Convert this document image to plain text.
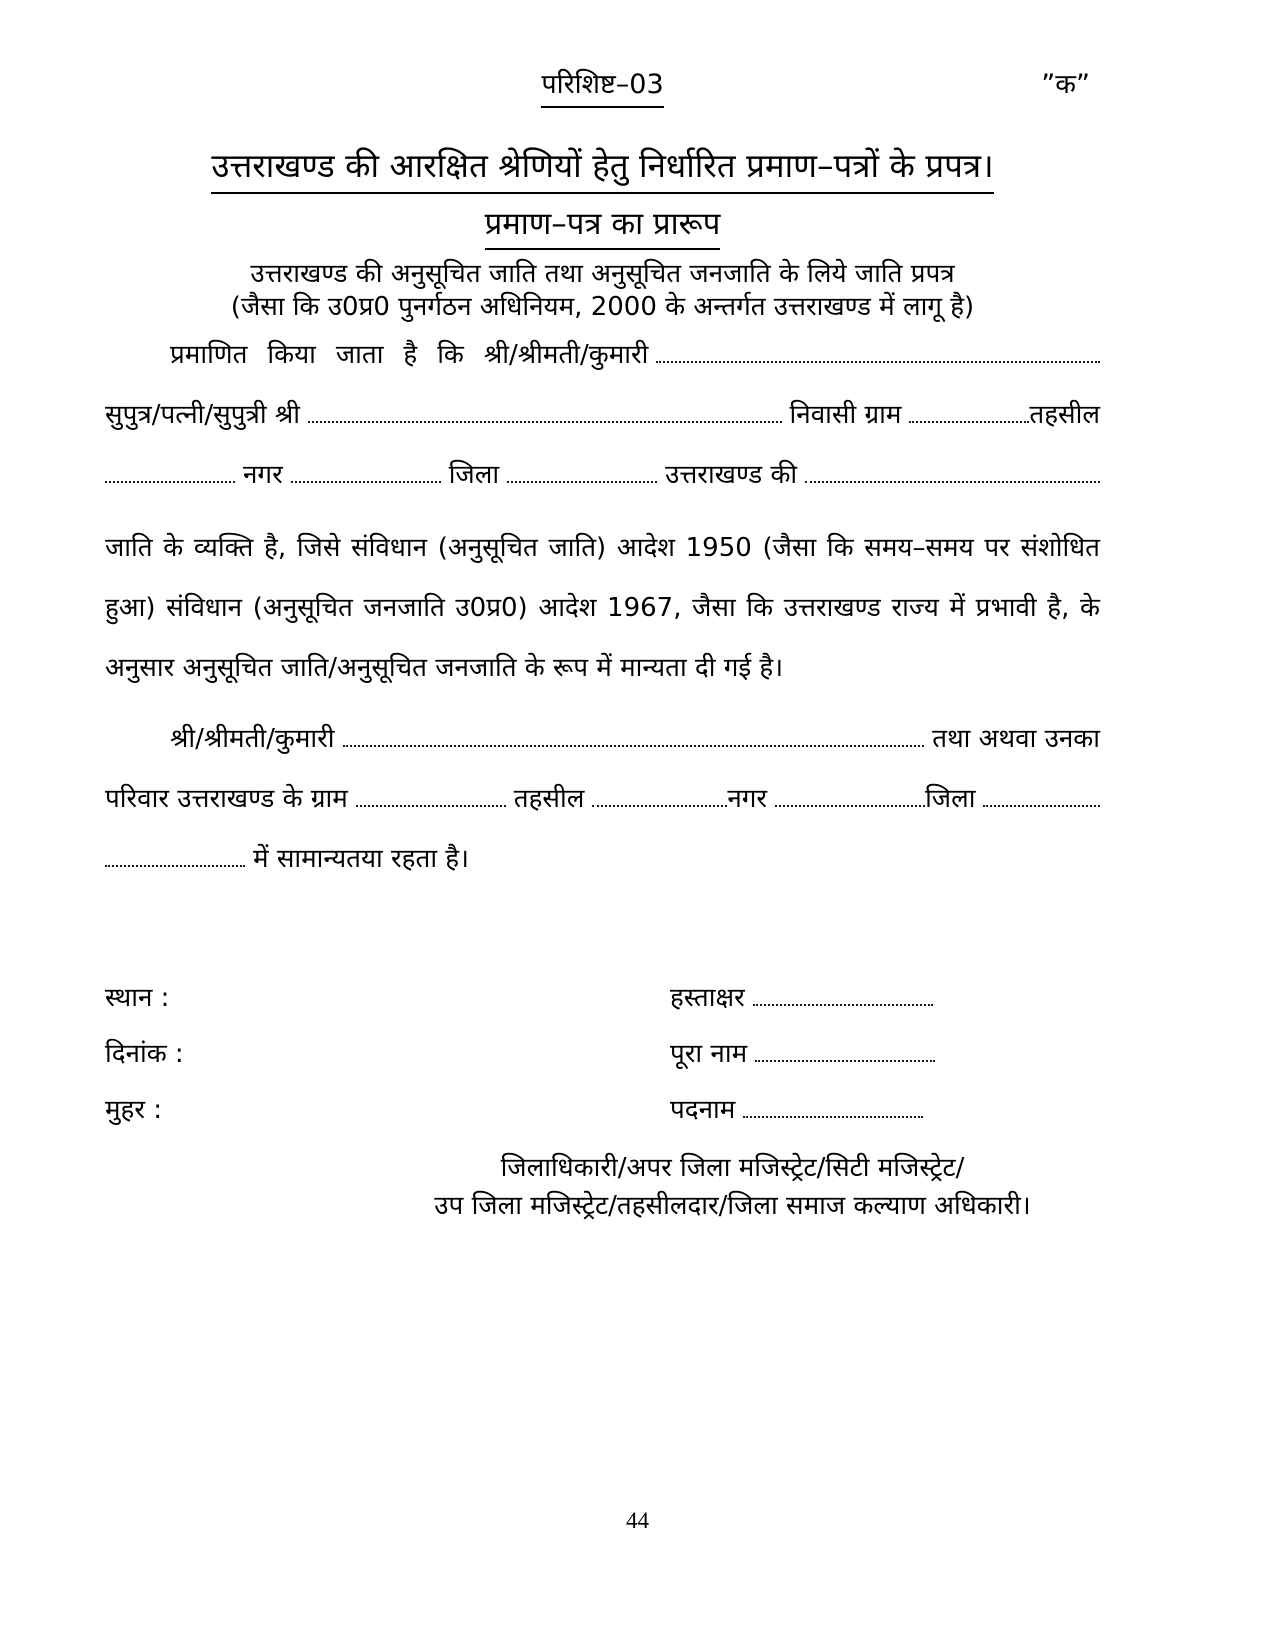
परिशिष्ट–03	”क”
उत्तराखण्ड की आरक्षित श्रेणियों हेतु निर्धारित प्रमाण–पत्रों के प्रपत्र।
प्रमाण–पत्र का प्रारूप
उत्तराखण्ड की अनुसूचित जाति तथा अनुसूचित जनजाति के लिये जाति प्रपत्र
(जैसा कि उ0प्र0 पुनर्गठन अधिनियम, 2000 के अन्तर्गत उत्तराखण्ड में लागू है)
प्रमाणित किया जाता है कि श्री/श्रीमती/कुमारी
सुपुत्र/पत्नी/सुपुत्री श्री	निवासी ग्राम	तहसील
नगर	जिला	उत्तराखण्ड की
जाति के व्यक्ति है, जिसे संविधान (अनुसूचित जाति) आदेश 1950 (जैसा कि समय–समय पर संशोधित हुआ) संविधान (अनुसूचित जनजाति उ0प्र0) आदेश 1967, जैसा कि उत्तराखण्ड राज्य में प्रभावी है, के अनुसार अनुसूचित जाति/अनुसूचित जनजाति के रूप में मान्यता दी गई है।
श्री/श्रीमती/कुमारी	तथा अथवा उनका
परिवार उत्तराखण्ड के ग्राम	तहसील	नगर	जिला
में सामान्यतया रहता है।
स्थान :	हस्ताक्षर
दिनांक :	पूरा नाम
मुहर :	पदनाम
जिलाधिकारी/अपर जिला मजिस्ट्रेट/सिटी मजिस्ट्रेट/
उप जिला मजिस्ट्रेट/तहसीलदार/जिला समाज कल्याण अधिकारी।
44
